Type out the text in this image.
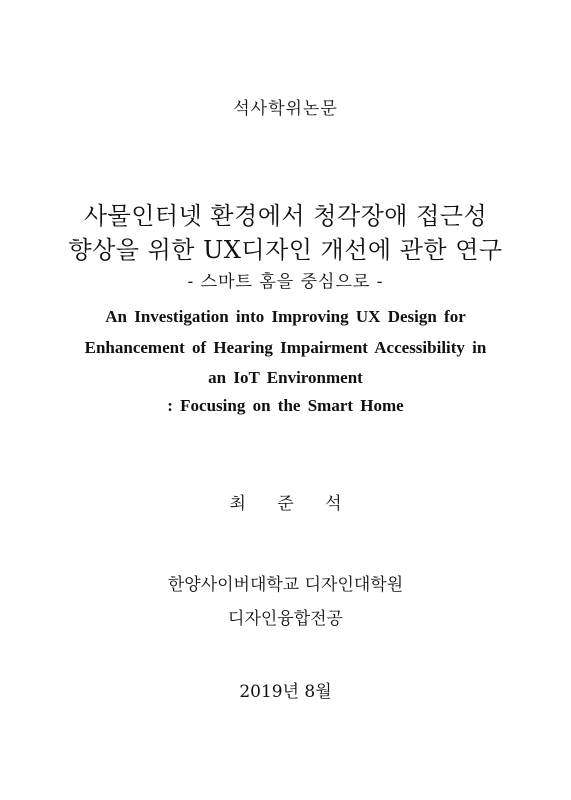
석사학위논문
사물인터넷 환경에서 청각장애 접근성
향상을 위한 UX디자인 개선에 관한 연구
- 스마트 홈을 중심으로 -
An Investigation into Improving UX Design for
Enhancement of Hearing Impairment Accessibility in
an IoT Environment
: Focusing on the Smart Home
최 준 석
한양사이버대학교 디자인대학원
디자인융합전공
2019년 8월
